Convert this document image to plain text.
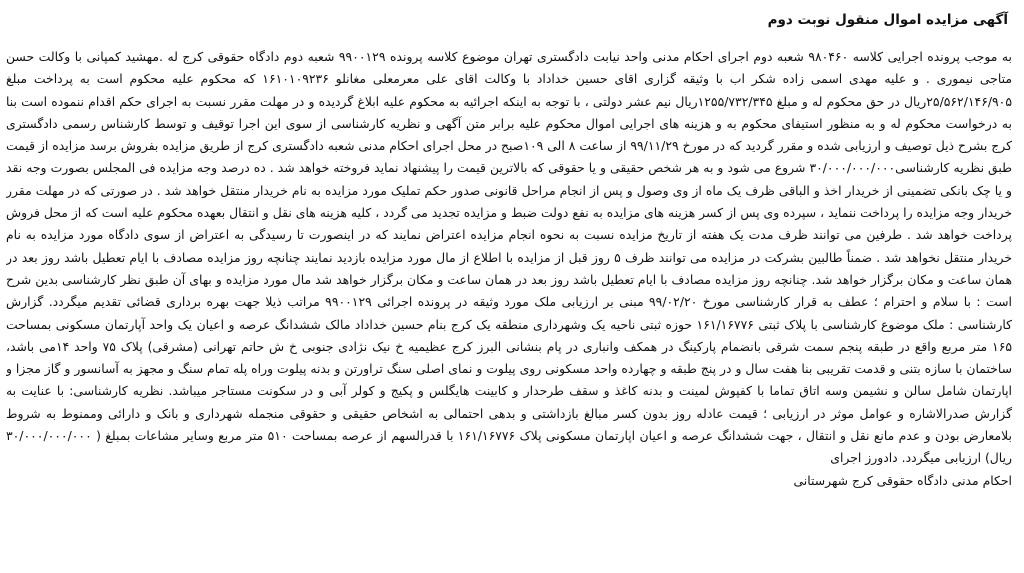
آگهی مزایده اموال منقول نوبت دوم

به موجب پرونده اجرایی کلاسه ۹۸۰۴۶۰ شعبه دوم اجرای احکام مدنی واحد نیابت دادگستری تهران موضوع کلاسه پرونده ۹۹۰۰۱۲۹ شعبه دوم دادگاه حقوقی کرج له .مهشید کمپانی با وکالت حسن متاجی نیموری . و علیه مهدی اسمی زاده شکر اب با وثیقه گزاری اقای حسین خداداد با وکالت اقای علی معرمعلی مغانلو ۱۶۱۰۱۰۹۲۳۶ که محکوم علیه محکوم است به پرداخت مبلغ ۲۵/۵۶۲/۱۴۶/۹۰۵ریال در حق محکوم له و مبلغ ۱۲۵۵/۷۳۲/۳۴۵ریال نیم عشر دولتی ، با توجه به اینکه اجرائیه به محکوم علیه ابلاغ گردیده و در مهلت مقرر نسبت به اجرای حکم اقدام ننموده است بنا به درخواست محکوم له و به منظور استیفای محکوم به و هزینه های اجرایی اموال محکوم علیه برابر متن آگهی و نظریه کارشناسی از سوی این اجرا توقیف و توسط کارشناس رسمی دادگستری کرج بشرح ذیل توصیف و ارزیابی شده و مقرر گردید که در مورخ ۹۹/۱۱/۲۹ از ساعت ۸ الی ۱۰۹صبح در محل اجرای احکام مدنی شعبه دادگستری کرج از طریق مزایده بفروش برسد مزایده از قیمت طبق نظریه کارشناسی۳۰/۰۰۰/۰۰۰/۰۰۰ شروع می شود و به هر شخص حقیقی و یا حقوقی که بالاترین قیمت را پیشنهاد نماید فروخته خواهد شد . ده درصد وجه مزایده فی المجلس بصورت وجه نقد و یا چک بانکی تضمینی از خریدار اخذ و الباقی ظرف یک ماه از وی وصول و پس از انجام مراحل قانونی صدور حکم تملیک مورد مزایده به نام خریدار منتقل خواهد شد . در صورتی که در مهلت مقرر خریدار وجه مزایده را پرداخت ننماید ، سپرده وی پس از کسر هزینه های مزایده به نفع دولت ضبط و مزایده تجدید می گردد ، کلیه هزینه های نقل و انتقال بعهده محکوم علیه است که از محل فروش پرداخت خواهد شد . طرفین می توانند ظرف مدت یک هفته از تاریخ مزایده نسبت به نحوه انجام مزایده اعتراض نمایند که در اینصورت تا رسیدگی به اعتراض از سوی دادگاه مورد مزایده به نام خریدار منتقل نخواهد شد . ضمناً طالبین بشرکت در مزایده می توانند ظرف ۵ روز قبل از مزایده با اطلاع از مال مورد مزایده بازدید نمایند چنانچه روز مزایده مصادف با ایام تعطیل باشد روز بعد در همان ساعت و مکان برگزار خواهد شد. چنانچه روز مزایده مصادف با ایام تعطیل باشد روز بعد در همان ساعت و مکان برگزار خواهد شد مال مورد مزایده و بهای آن طبق نظر کارشناسی بدین شرح است : با سلام و احترام ؛ عطف به قرار کارشناسی مورخ ۹۹/۰۲/۲۰ مبنی بر ارزیابی ملک مورد وثیقه در پرونده اجرائی ۹۹۰۰۱۲۹ مراتب ذیلا جهت بهره برداری قضائی تقدیم میگردد. گزارش کارشناسی : ملک موضوع کارشناسی با پلاک ثبتی ۱۶۱/۱۶۷۷۶ حوزه ثبتی ناحیه یک وشهرداری منطقه یک کرج بنام حسین خداداد مالک ششدانگ عرصه و اعیان یک واحد آپارتمان مسکونی بمساحت ۱۶۵ متر مربع واقع در طبقه پنجم سمت شرقی بانضمام پارکینگ در همکف وانباری در پام بنشانی البرز کرج عظیمیه خ نیک نژادی جنوبی خ ش حاتم تهرانی (مشرقی) پلاک ۷۵ واحد ۱۴می باشد، ساختمان با سازه بتنی و قدمت تقریبی بنا هفت سال و در پنج طبقه و چهارده واحد مسکونی روی پیلوت و نمای اصلی سنگ تراورتن و بدنه پیلوت وراه پله تمام سنگ و مجهز به آسانسور و گاز مجزا و اپارتمان شامل سالن و نشیمن وسه اتاق تماما با کفپوش لمینت و بدنه کاغذ و سقف طرحدار و کابینت هایگلس و پکیج و کولر آبی و در سکونت مستاجر میباشد. نظریه کارشناسی: با عنایت به گزارش صدرالاشاره و عوامل موثر در ارزیابی ؛ قیمت عادله روز بدون کسر مبالغ بازداشتی و بدهی احتمالی به اشخاص حقیقی و حقوقی منجمله شهرداری و بانک و دارائی وممنوط به شروط بلامعارض بودن و عدم مانع نقل و انتقال ، جهت ششدانگ عرصه و اعیان اپارتمان مسکونی پلاک ۱۶۱/۱۶۷۷۶ با قدرالسهم از عرصه بمساحت ۵۱۰ متر مربع وسایر مشاعات بمبلغ ( ۳۰/۰۰۰/۰۰۰/۰۰۰ ریال) ارزیابی میگردد. دادورز اجرای

احکام مدنی دادگاه حقوقی کرج شهرستانی
